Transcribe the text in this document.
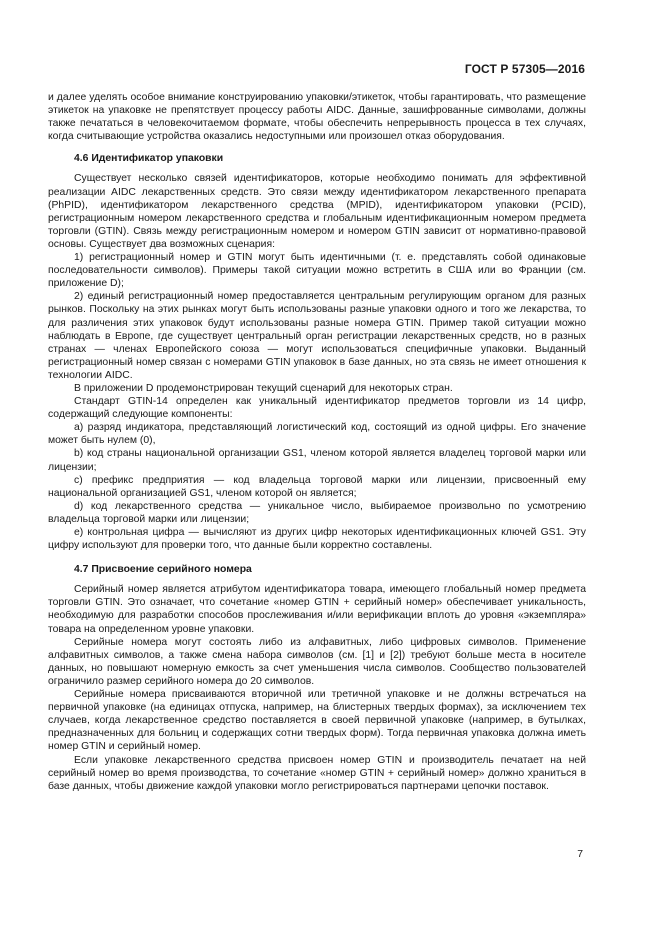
ГОСТ Р 57305—2016

и далее уделять особое внимание конструированию упаковки/этикеток, чтобы гарантировать, что размещение этикеток на упаковке не препятствует процессу работы AIDC. Данные, зашифрованные символами, должны также печататься в человекочитаемом формате, чтобы обеспечить непрерывность процесса в тех случаях, когда считывающие устройства оказались недоступными или произошел отказ оборудования.

4.6 Идентификатор упаковки

Существует несколько связей идентификаторов, которые необходимо понимать для эффективной реализации AIDC лекарственных средств. Это связи между идентификатором лекарственного препарата (PhPID), идентификатором лекарственного средства (MPID), идентификатором упаковки (PCID), регистрационным номером лекарственного средства и глобальным идентификационным номером предмета торговли (GTIN). Связь между регистрационным номером и номером GTIN зависит от нормативно-правовой основы. Существует два возможных сценария:

1) регистрационный номер и GTIN могут быть идентичными (т. е. представлять собой одинаковые последовательности символов). Примеры такой ситуации можно встретить в США или во Франции (см. приложение D);

2) единый регистрационный номер предоставляется центральным регулирующим органом для разных рынков. Поскольку на этих рынках могут быть использованы разные упаковки одного и того же лекарства, то для различения этих упаковок будут использованы разные номера GTIN. Пример такой ситуации можно наблюдать в Европе, где существует центральный орган регистрации лекарственных средств, но в разных странах — членах Европейского союза — могут использоваться специфичные упаковки. Выданный регистрационный номер связан с номерами GTIN упаковок в базе данных, но эта связь не имеет отношения к технологии AIDC.

В приложении D продемонстрирован текущий сценарий для некоторых стран.

Стандарт GTIN-14 определен как уникальный идентификатор предметов торговли из 14 цифр, содержащий следующие компоненты:

a) разряд индикатора, представляющий логистический код, состоящий из одной цифры. Его значение может быть нулем (0),

b) код страны национальной организации GS1, членом которой является владелец торговой марки или лицензии;

c) префикс предприятия — код владельца торговой марки или лицензии, присвоенный ему национальной организацией GS1, членом которой он является;

d) код лекарственного средства — уникальное число, выбираемое произвольно по усмотрению владельца торговой марки или лицензии;

e) контрольная цифра — вычисляют из других цифр некоторых идентификационных ключей GS1. Эту цифру используют для проверки того, что данные были корректно составлены.

4.7 Присвоение серийного номера

Серийный номер является атрибутом идентификатора товара, имеющего глобальный номер предмета торговли GTIN. Это означает, что сочетание «номер GTIN + серийный номер» обеспечивает уникальность, необходимую для разработки способов прослеживания и/или верификации вплоть до уровня «экземпляра» товара на определенном уровне упаковки.

Серийные номера могут состоять либо из алфавитных, либо цифровых символов. Применение алфавитных символов, а также смена набора символов (см. [1] и [2]) требуют больше места в носителе данных, но повышают номерную емкость за счет уменьшения числа символов. Сообщество пользователей ограничило размер серийного номера до 20 символов.

Серийные номера присваиваются вторичной или третичной упаковке и не должны встречаться на первичной упаковке (на единицах отпуска, например, на блистерных твердых формах), за исключением тех случаев, когда лекарственное средство поставляется в своей первичной упаковке (например, в бутылках, предназначенных для больниц и содержащих сотни твердых форм). Тогда первичная упаковка должна иметь номер GTIN и серийный номер.

Если упаковке лекарственного средства присвоен номер GTIN и производитель печатает на ней серийный номер во время производства, то сочетание «номер GTIN + серийный номер» должно храниться в базе данных, чтобы движение каждой упаковки могло регистрироваться партнерами цепочки поставок.

7
